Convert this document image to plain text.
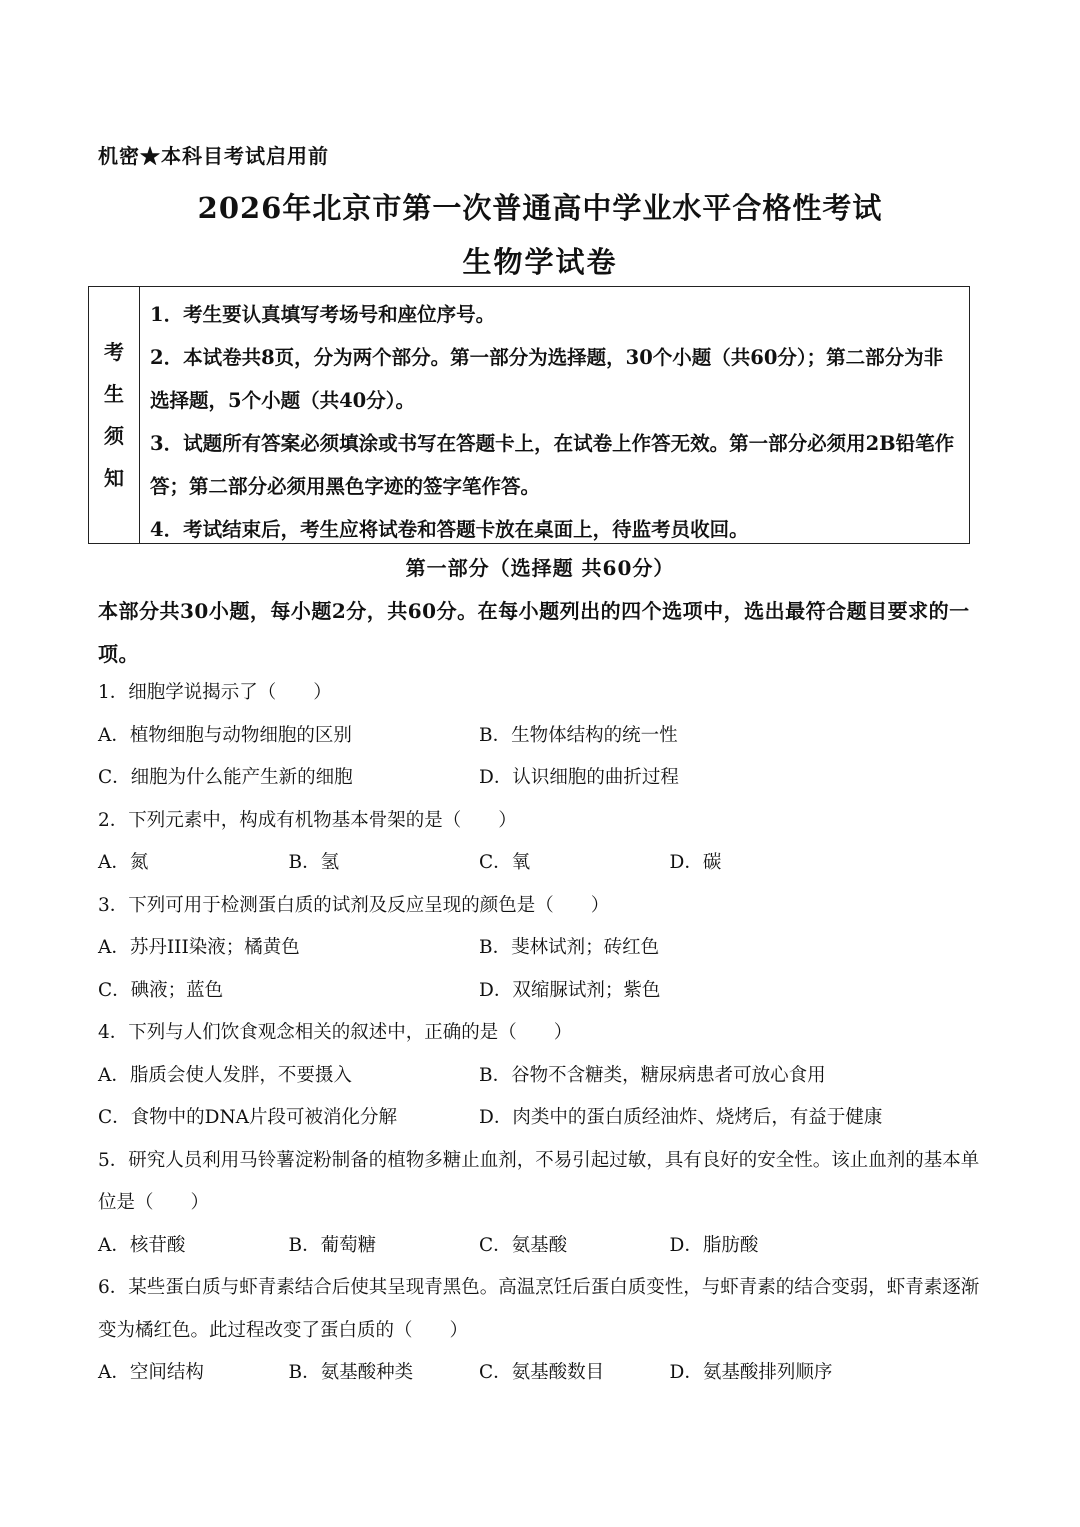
机密★本科目考试启用前
2026年北京市第一次普通高中学业水平合格性考试
生物学试卷
考
生
须
知

1．考生要认真填写考场号和座位序号。

2．本试卷共8页，分为两个部分。第一部分为选择题，30个小题（共60分）；第二部分为非选择题，5个小题（共40分）。

3．试题所有答案必须填涂或书写在答题卡上，在试卷上作答无效。第一部分必须用2B铅笔作答；第二部分必须用黑色字迹的签字笔作答。

4．考试结束后，考生应将试卷和答题卡放在桌面上，待监考员收回。

第一部分（选择题 共60分）
本部分共30小题，每小题2分，共60分。在每小题列出的四个选项中，选出最符合题目要求的一项。

1．细胞学说揭示了（　　）

A．植物细胞与动物细胞的区别	B．生物体结构的统一性
C．细胞为什么能产生新的细胞	D．认识细胞的曲折过程

2．下列元素中，构成有机物基本骨架的是（　　）

A．氮	B．氢	C．氧	D．碳

3．下列可用于检测蛋白质的试剂及反应呈现的颜色是（　　）

A．苏丹III染液；橘黄色	B．斐林试剂；砖红色
C．碘液；蓝色	D．双缩脲试剂；紫色

4．下列与人们饮食观念相关的叙述中，正确的是（　　）

A．脂质会使人发胖，不要摄入	B．谷物不含糖类，糖尿病患者可放心食用
C．食物中的DNA片段可被消化分解	D．肉类中的蛋白质经油炸、烧烤后，有益于健康

5．研究人员利用马铃薯淀粉制备的植物多糖止血剂，不易引起过敏，具有良好的安全性。该止血剂的基本单位是（　　）

A．核苷酸	B．葡萄糖	C．氨基酸	D．脂肪酸

6．某些蛋白质与虾青素结合后使其呈现青黑色。高温烹饪后蛋白质变性，与虾青素的结合变弱，虾青素逐渐变为橘红色。此过程改变了蛋白质的（　　）

A．空间结构	B．氨基酸种类	C．氨基酸数目	D．氨基酸排列顺序
